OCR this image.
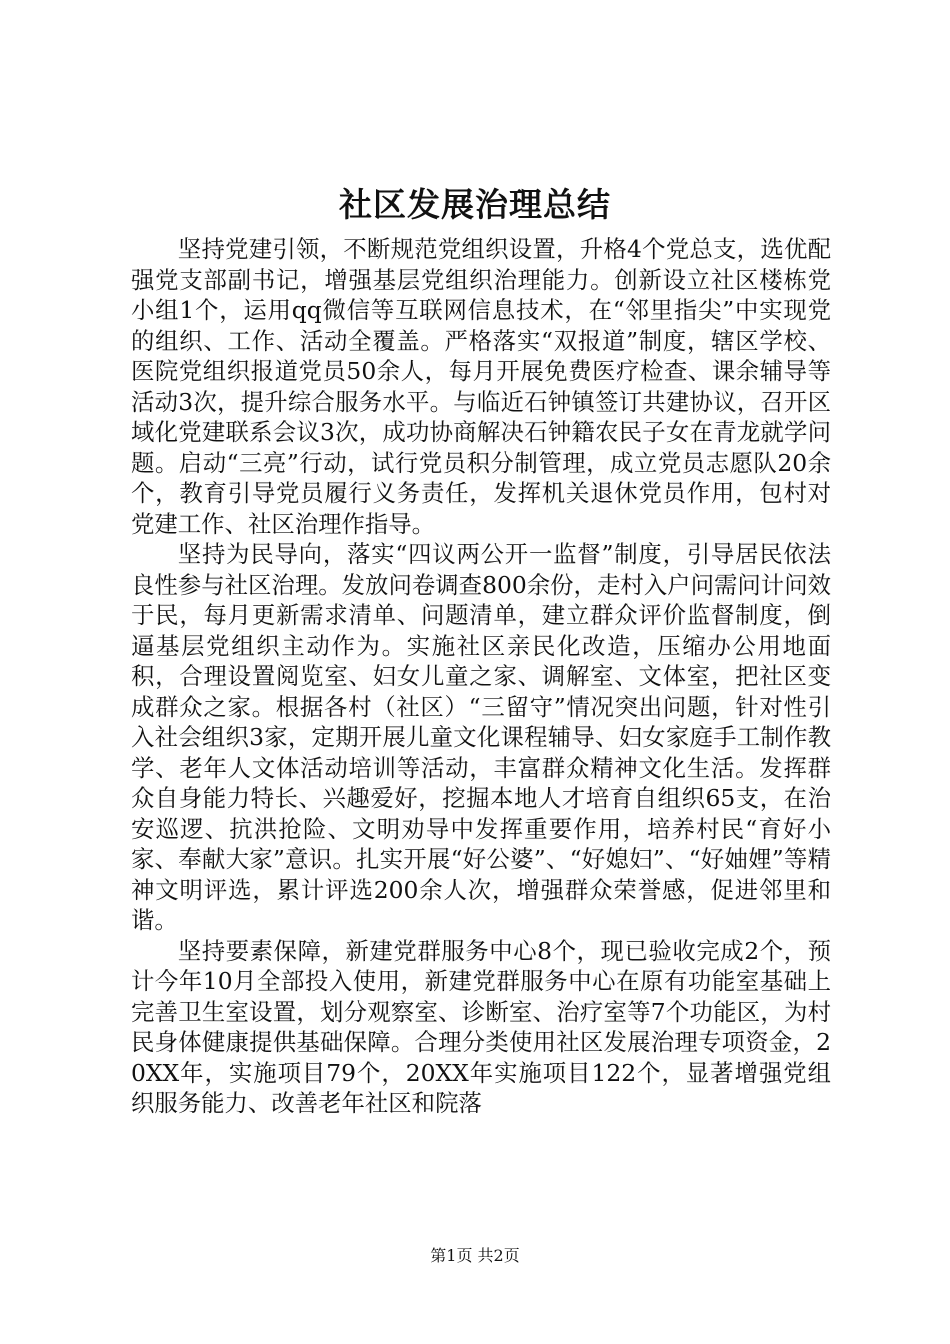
社区发展治理总结

坚持党建引领，不断规范党组织设置，升格4个党总支，选优配强党支部副书记，增强基层党组织治理能力。创新设立社区楼栋党小组1个，运用qq微信等互联网信息技术，在“邻里指尖”中实现党的组织、工作、活动全覆盖。严格落实“双报道”制度，辖区学校、医院党组织报道党员50余人，每月开展免费医疗检查、课余辅导等活动3次，提升综合服务水平。与临近石钟镇签订共建协议，召开区域化党建联系会议3次，成功协商解决石钟籍农民子女在青龙就学问题。启动“三亮”行动，试行党员积分制管理，成立党员志愿队20余个，教育引导党员履行义务责任，发挥机关退休党员作用，包村对党建工作、社区治理作指导。

坚持为民导向，落实“四议两公开一监督”制度，引导居民依法良性参与社区治理。发放问卷调查800余份，走村入户问需问计问效于民，每月更新需求清单、问题清单，建立群众评价监督制度，倒逼基层党组织主动作为。实施社区亲民化改造，压缩办公用地面积，合理设置阅览室、妇女儿童之家、调解室、文体室，把社区变成群众之家。根据各村（社区）“三留守”情况突出问题，针对性引入社会组织3家，定期开展儿童文化课程辅导、妇女家庭手工制作教学、老年人文体活动培训等活动，丰富群众精神文化生活。发挥群众自身能力特长、兴趣爱好，挖掘本地人才培育自组织65支，在治安巡逻、抗洪抢险、文明劝导中发挥重要作用，培养村民“育好小家、奉献大家”意识。扎实开展“好公婆”、“好媳妇”、“好妯娌”等精神文明评选，累计评选200余人次，增强群众荣誉感，促进邻里和谐。

坚持要素保障，新建党群服务中心8个，现已验收完成2个，预计今年10月全部投入使用，新建党群服务中心在原有功能室基础上完善卫生室设置，划分观察室、诊断室、治疗室等7个功能区，为村民身体健康提供基础保障。合理分类使用社区发展治理专项资金，20XX年，实施项目79个，20XX年实施项目122个，显著增强党组织服务能力、改善老年社区和院落

第1页 共2页
